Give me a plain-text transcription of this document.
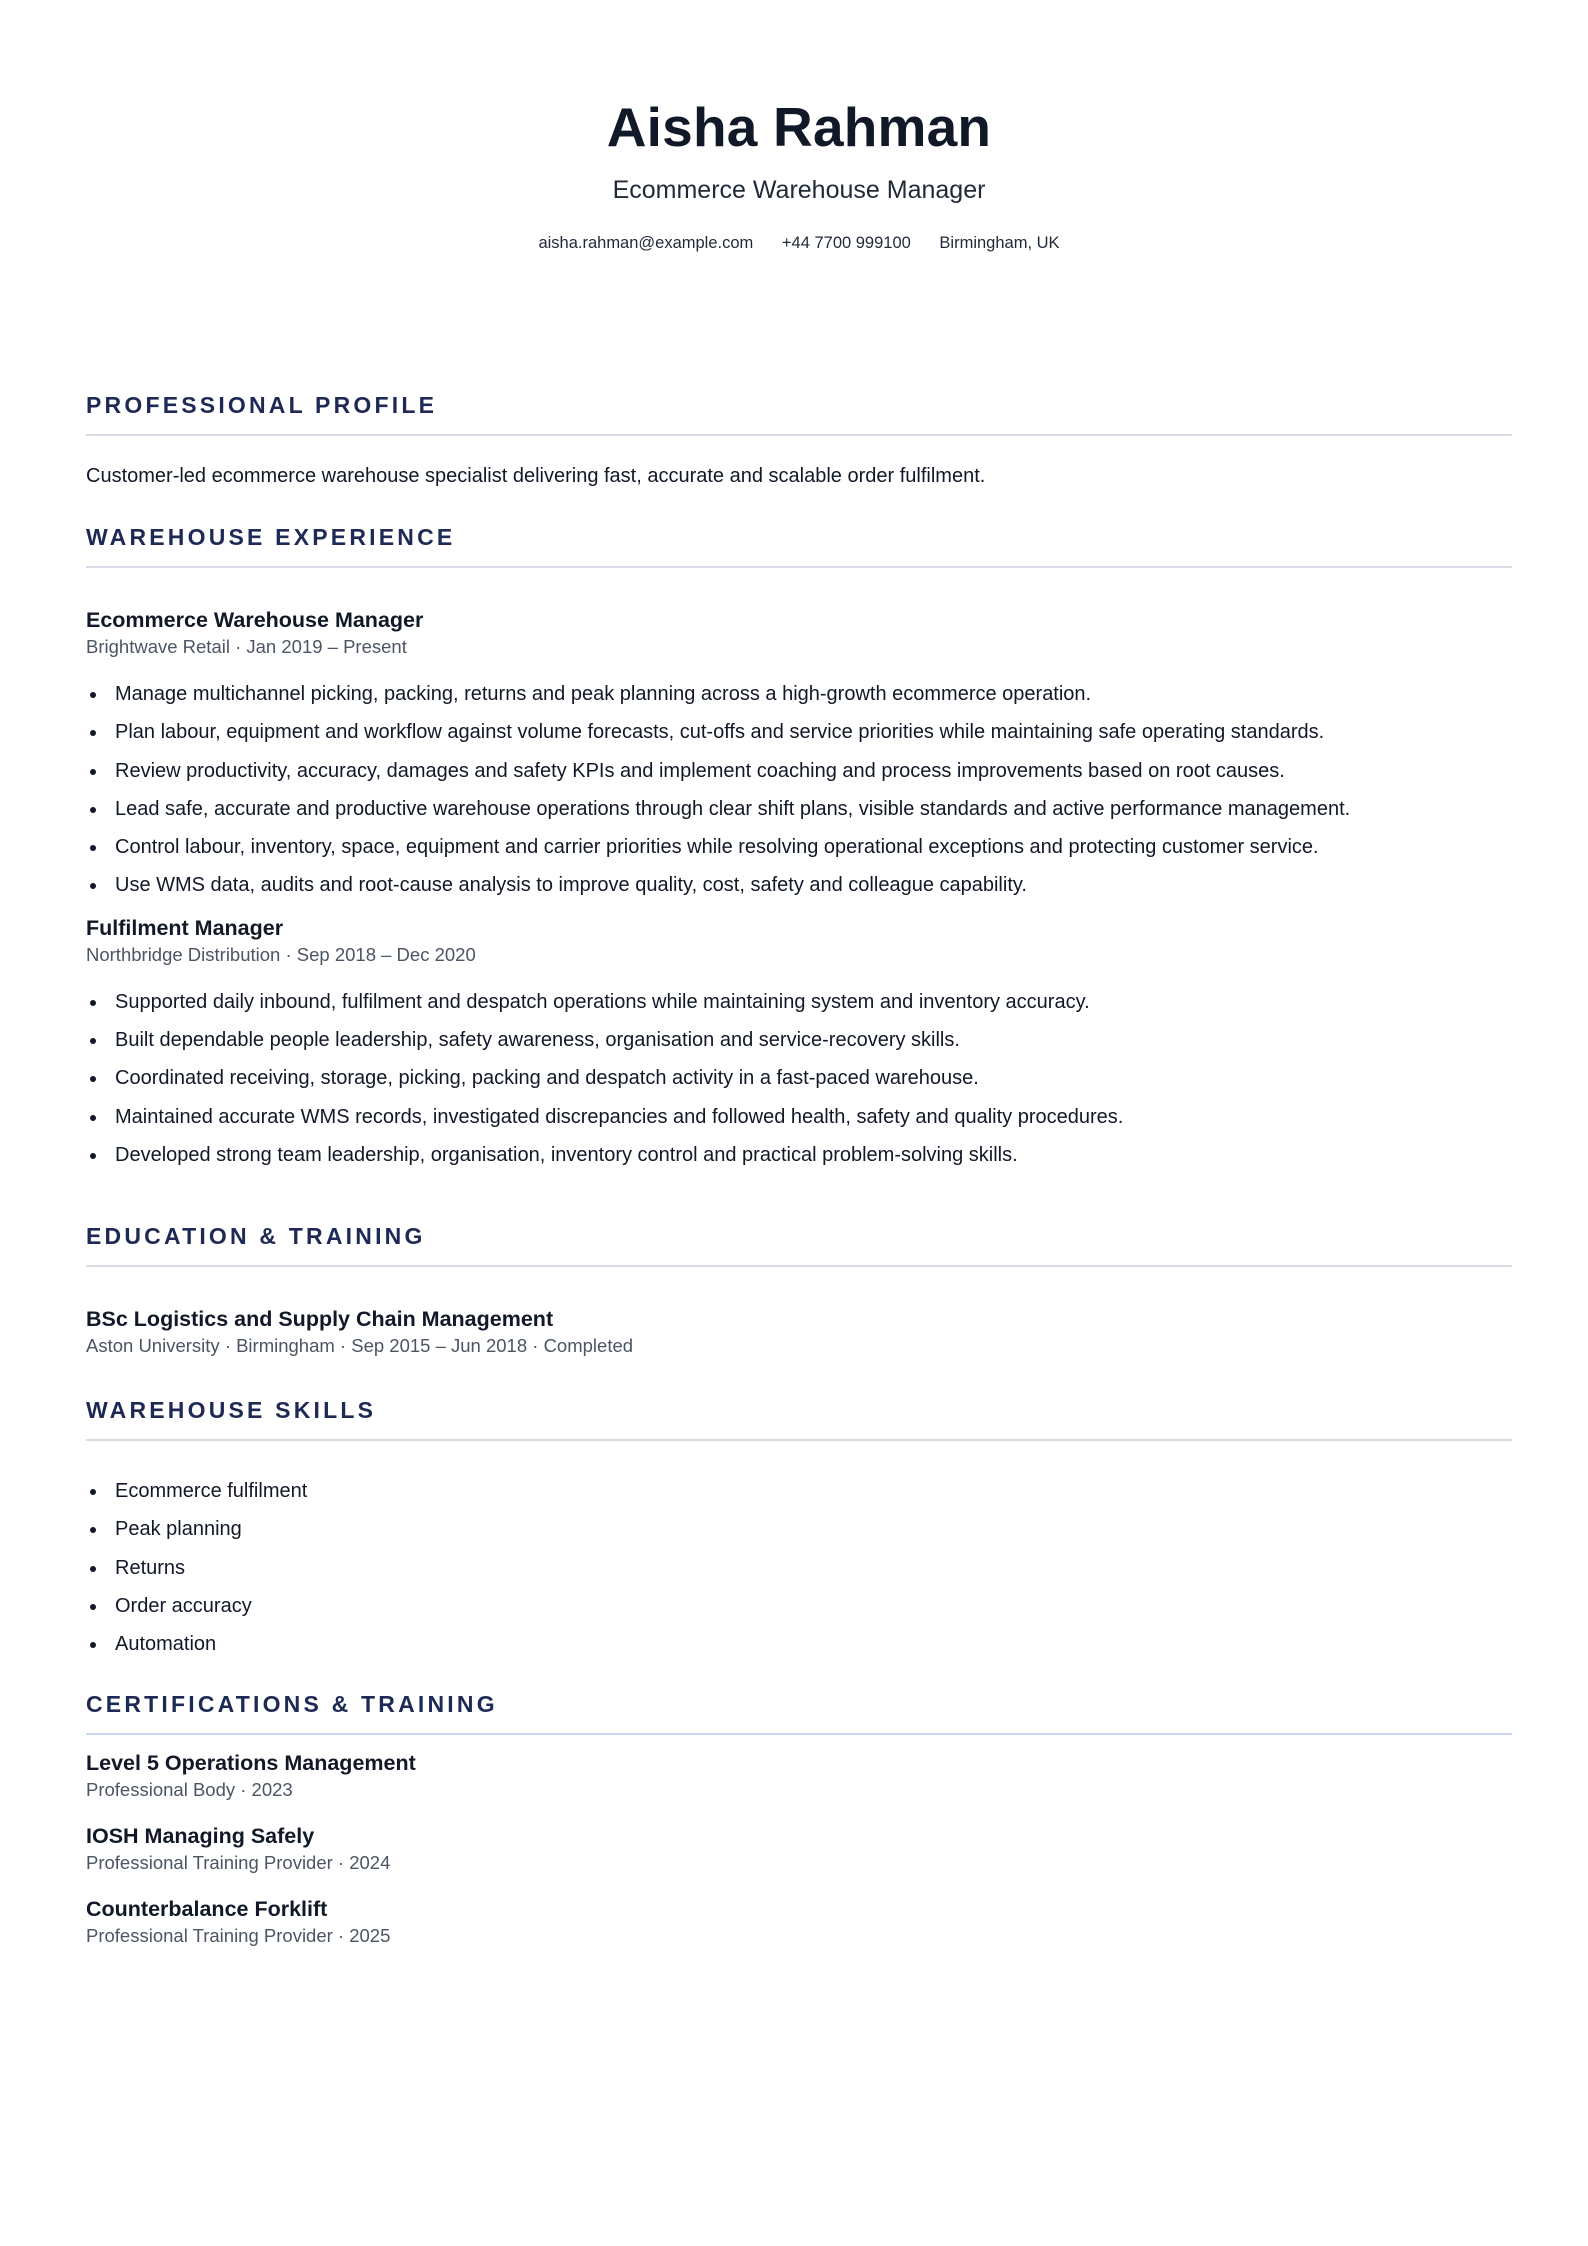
Aisha Rahman
Ecommerce Warehouse Manager
aisha.rahman@example.com +44 7700 999100 Birmingham, UK
PROFESSIONAL PROFILE
Customer-led ecommerce warehouse specialist delivering fast, accurate and scalable order fulfilment.
WAREHOUSE EXPERIENCE
Ecommerce Warehouse Manager
Brightwave Retail · Jan 2019 – Present
Manage multichannel picking, packing, returns and peak planning across a high-growth ecommerce operation.
Plan labour, equipment and workflow against volume forecasts, cut-offs and service priorities while maintaining safe operating standards.
Review productivity, accuracy, damages and safety KPIs and implement coaching and process improvements based on root causes.
Lead safe, accurate and productive warehouse operations through clear shift plans, visible standards and active performance management.
Control labour, inventory, space, equipment and carrier priorities while resolving operational exceptions and protecting customer service.
Use WMS data, audits and root-cause analysis to improve quality, cost, safety and colleague capability.
Fulfilment Manager
Northbridge Distribution · Sep 2018 – Dec 2020
Supported daily inbound, fulfilment and despatch operations while maintaining system and inventory accuracy.
Built dependable people leadership, safety awareness, organisation and service-recovery skills.
Coordinated receiving, storage, picking, packing and despatch activity in a fast-paced warehouse.
Maintained accurate WMS records, investigated discrepancies and followed health, safety and quality procedures.
Developed strong team leadership, organisation, inventory control and practical problem-solving skills.
EDUCATION & TRAINING
BSc Logistics and Supply Chain Management
Aston University · Birmingham · Sep 2015 – Jun 2018 · Completed
WAREHOUSE SKILLS
Ecommerce fulfilment
Peak planning
Returns
Order accuracy
Automation
CERTIFICATIONS & TRAINING
Level 5 Operations Management
Professional Body · 2023
IOSH Managing Safely
Professional Training Provider · 2024
Counterbalance Forklift
Professional Training Provider · 2025
